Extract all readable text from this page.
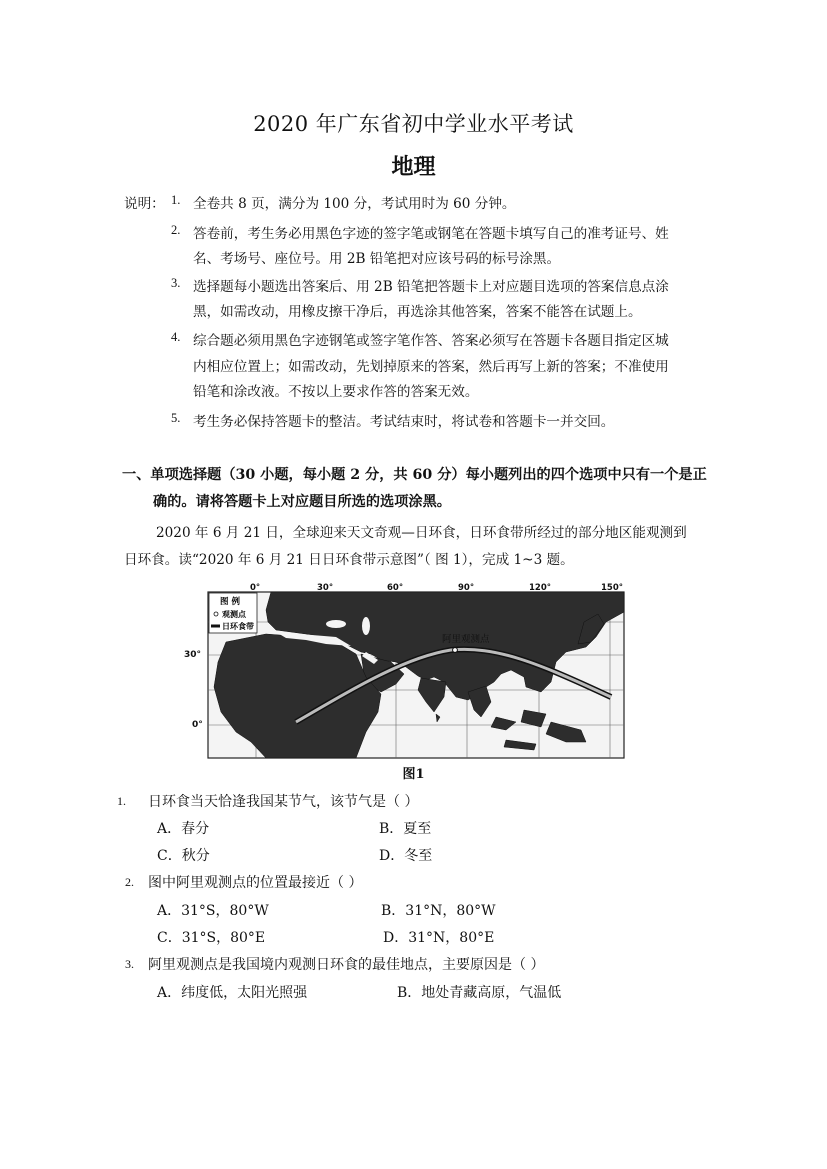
2020 年广东省初中学业水平考试
地理
说明： 1. 全卷共 8 页，满分为 100 分，考试用时为 60 分钟。
2. 答卷前，考生务必用黑色字迹的签字笔或钢笔在答题卡填写自己的准考证号、姓
名、考场号、座位号。用 2B 铅笔把对应该号码的标号涂黑。
3. 选择题每小题选出答案后、用 2B 铅笔把答题卡上对应题目选项的答案信息点涂
黑，如需改动，用橡皮擦干净后，再选涂其他答案，答案不能答在试题上。
4. 综合题必须用黑色字迹钢笔或签字笔作答、答案必须写在答题卡各题目指定区城
内相应位置上；如需改动，先划掉原来的答案，然后再写上新的答案；不准使用
铅笔和涂改液。不按以上要求作答的答案无效。
5. 考生务必保持答题卡的整洁。考试结束时，将试卷和答题卡一并交回。
一、单项选择题（30 小题，每小题 2 分，共 60 分）每小题列出的四个选项中只有一个是正
确的。请将答题卡上对应题目所选的选项涂黑。
2020 年 6 月 21 日，全球迎来天文奇观—日环食，日环食带所经过的部分地区能观测到
日环食。读“2020 年 6 月 21 日日环食带示意图”（ 图 1），完成 1~3 题。
阿里观测点
图 例
观测点
日环食带
0°	30°	60°	90°	120°	150°
30°
0°
图1
1. 日环食当天恰逢我国某节气，该节气是（ ）
A．春分	B．夏至
C．秋分	D．冬至
2. 图中阿里观测点的位置最接近（ ）
A．31°S，80°W	B．31°N，80°W
C．31°S，80°E	D．31°N，80°E
3. 阿里观测点是我国境内观测日环食的最佳地点，主要原因是（ ）
A．纬度低，太阳光照强	B．地处青藏高原，气温低
